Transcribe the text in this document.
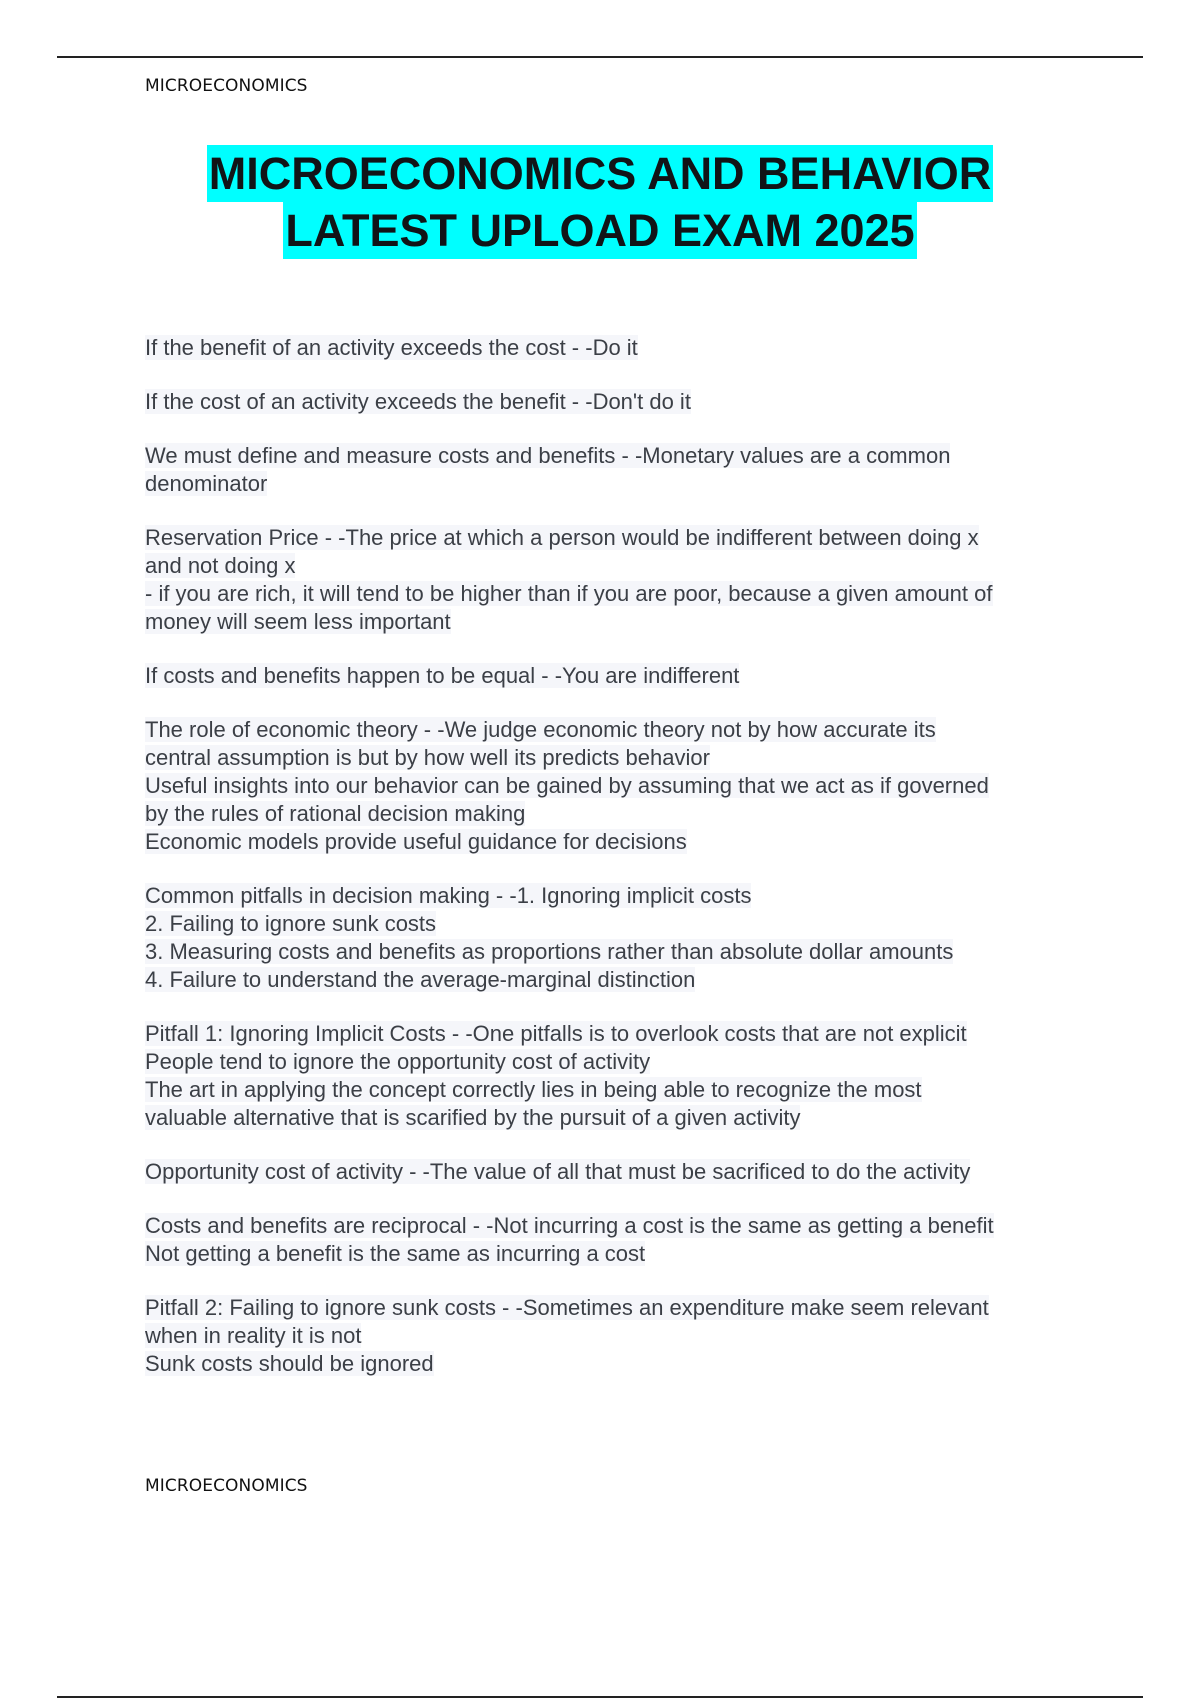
MICROECONOMICS
MICROECONOMICS AND BEHAVIOR
LATEST UPLOAD EXAM 2025
If the benefit of an activity exceeds the cost - -Do it
If the cost of an activity exceeds the benefit - -Don't do it
We must define and measure costs and benefits - -Monetary values are a common
denominator
Reservation Price - -The price at which a person would be indifferent between doing x
and not doing x
- if you are rich, it will tend to be higher than if you are poor, because a given amount of
money will seem less important
If costs and benefits happen to be equal - -You are indifferent
The role of economic theory - -We judge economic theory not by how accurate its
central assumption is but by how well its predicts behavior
Useful insights into our behavior can be gained by assuming that we act as if governed
by the rules of rational decision making
Economic models provide useful guidance for decisions
Common pitfalls in decision making - -1. Ignoring implicit costs
2. Failing to ignore sunk costs
3. Measuring costs and benefits as proportions rather than absolute dollar amounts
4. Failure to understand the average-marginal distinction
Pitfall 1: Ignoring Implicit Costs - -One pitfalls is to overlook costs that are not explicit
People tend to ignore the opportunity cost of activity
The art in applying the concept correctly lies in being able to recognize the most
valuable alternative that is scarified by the pursuit of a given activity
Opportunity cost of activity - -The value of all that must be sacrificed to do the activity
Costs and benefits are reciprocal - -Not incurring a cost is the same as getting a benefit
Not getting a benefit is the same as incurring a cost
Pitfall 2: Failing to ignore sunk costs - -Sometimes an expenditure make seem relevant
when in reality it is not
Sunk costs should be ignored
MICROECONOMICS
